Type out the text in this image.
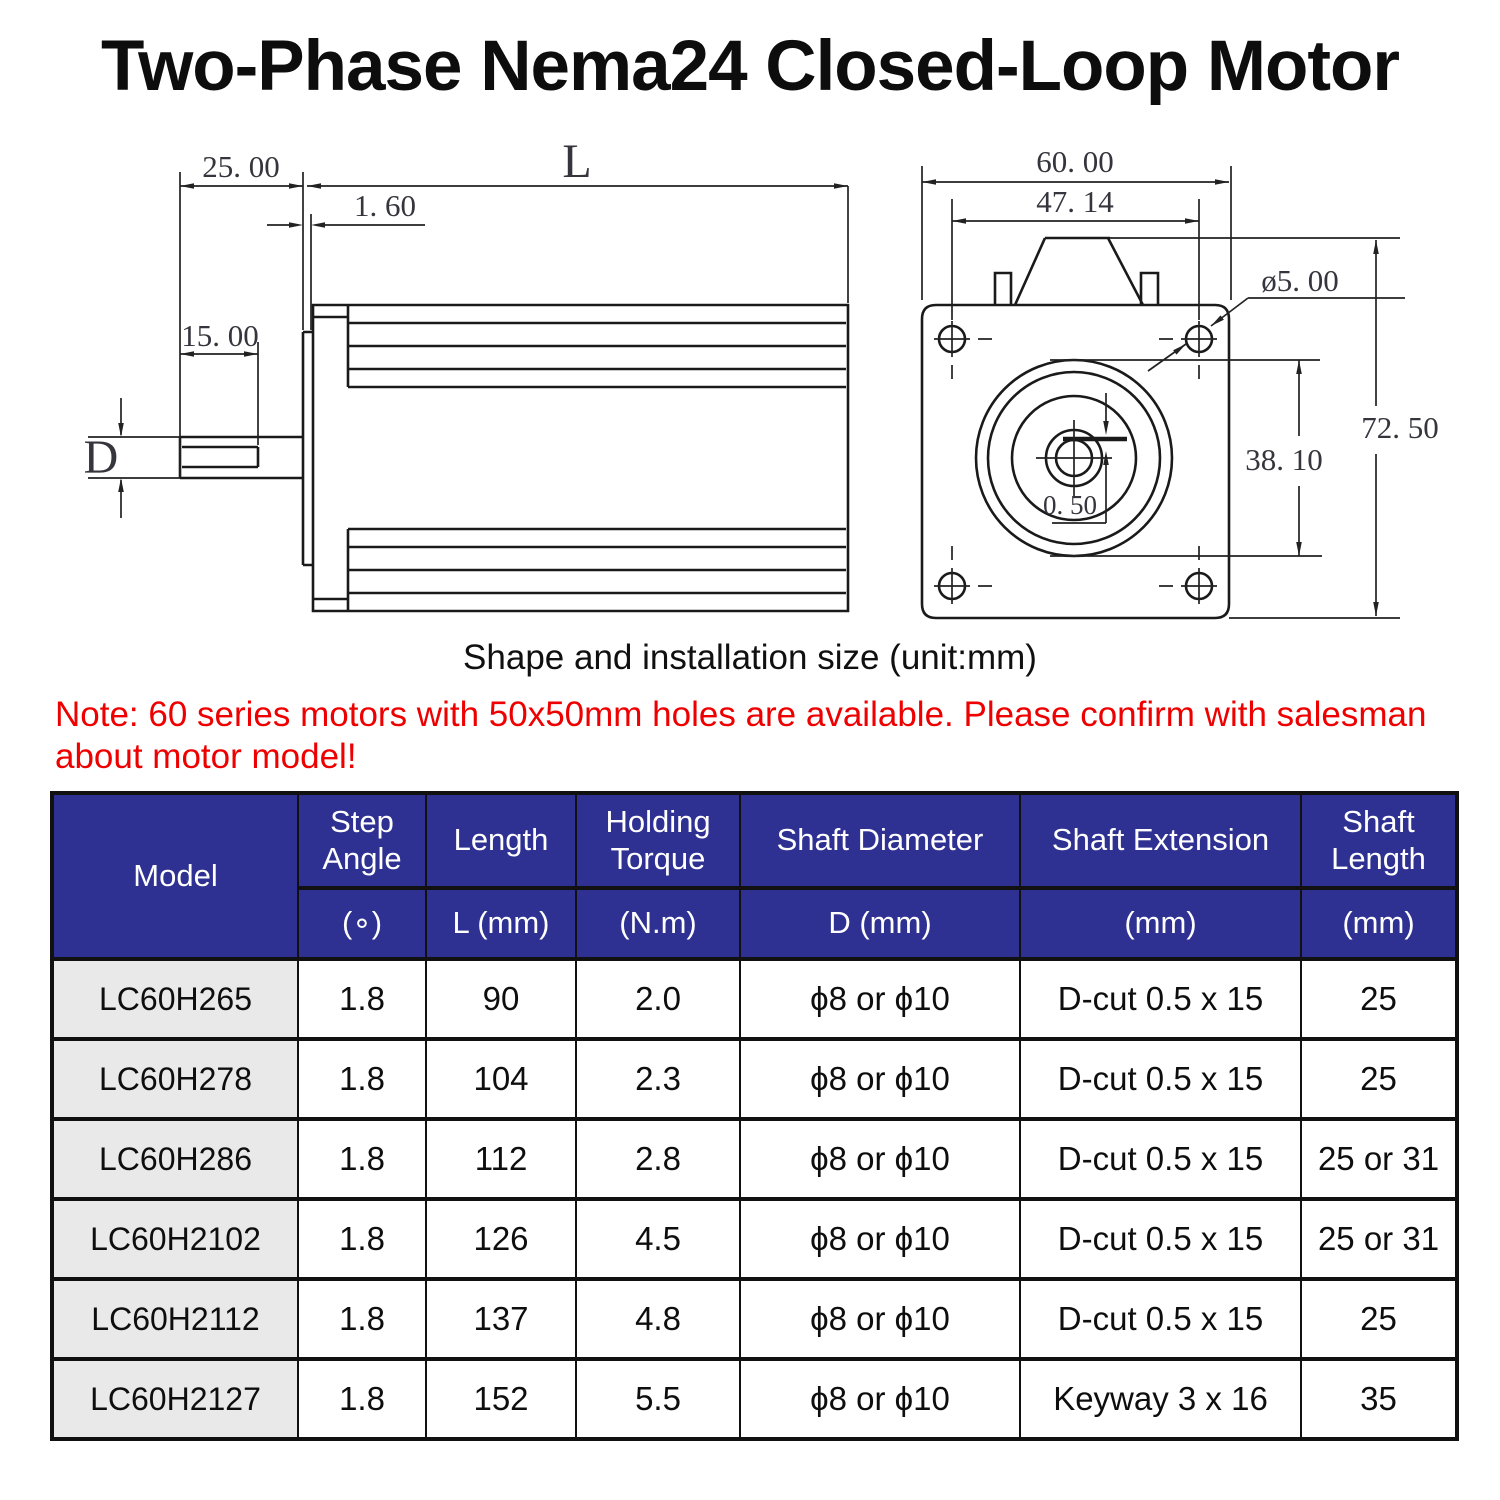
Two-Phase Nema24 Closed-Loop Motor
25. 00	L
1. 60
15. 00
D
60. 00
47. 14
ø5. 00
72. 50
38. 10
0. 50
Shape and installation size (unit:mm)
Note: 60 series motors with 50x50mm holes are available. Please confirm with salesman
about motor model!
Model	Step Angle	Length	Holding Torque	Shaft Diameter	Shaft Extension	Shaft Length
	(∘)	L (mm)	(N.m)	D (mm)	(mm)	(mm)
LC60H265	1.8	90	2.0	ϕ8 or ϕ10	D-cut 0.5 x 15	25
LC60H278	1.8	104	2.3	ϕ8 or ϕ10	D-cut 0.5 x 15	25
LC60H286	1.8	112	2.8	ϕ8 or ϕ10	D-cut 0.5 x 15	25 or 31
LC60H2102	1.8	126	4.5	ϕ8 or ϕ10	D-cut 0.5 x 15	25 or 31
LC60H2112	1.8	137	4.8	ϕ8 or ϕ10	D-cut 0.5 x 15	25
LC60H2127	1.8	152	5.5	ϕ8 or ϕ10	Keyway 3 x 16	35
